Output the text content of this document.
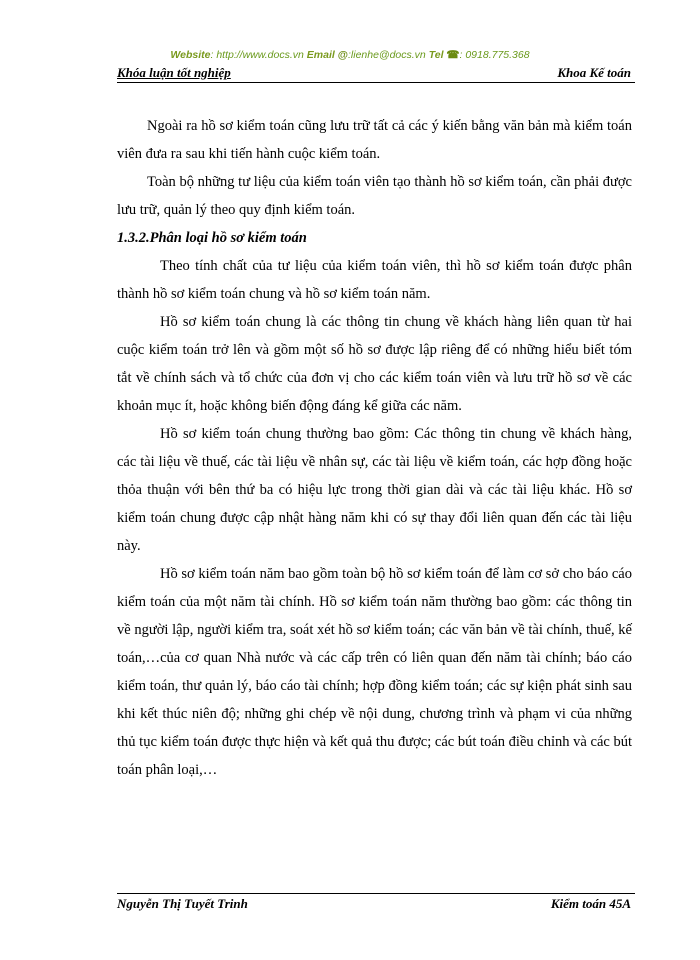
Website: http://www.docs.vn Email @:lienhe@docs.vn Tel ☎: 0918.775.368
Khóa luận tốt nghiệp	Khoa Kế toán

Ngoài ra hồ sơ kiểm toán cũng lưu trữ tất cả các ý kiến bằng văn bản mà kiểm toán viên đưa ra sau khi tiến hành cuộc kiểm toán.

Toàn bộ những tư liệu của kiểm toán viên tạo thành hồ sơ kiểm toán, cần phải được lưu trữ, quản lý theo quy định kiểm toán.

1.3.2.Phân loại hồ sơ kiểm toán

Theo tính chất của tư liệu của kiểm toán viên, thì hồ sơ kiểm toán được phân thành hồ sơ kiểm toán chung và hồ sơ kiểm toán năm.

Hồ sơ kiểm toán chung là các thông tin chung về khách hàng liên quan từ hai cuộc kiểm toán trở lên và gồm một số hồ sơ được lập riêng để có những hiểu biết tóm tắt về chính sách và tổ chức của đơn vị cho các kiểm toán viên và lưu trữ hồ sơ về các khoản mục ít, hoặc không biến động đáng kể giữa các năm.

Hồ sơ kiểm toán chung thường bao gồm: Các thông tin chung về khách hàng, các tài liệu về thuế, các tài liệu về nhân sự, các tài liệu về kiểm toán, các hợp đồng hoặc thỏa thuận với bên thứ ba có hiệu lực trong thời gian dài và các tài liệu khác. Hồ sơ kiểm toán chung được cập nhật hàng năm khi có sự thay đổi liên quan đến các tài liệu này.

Hồ sơ kiểm toán năm bao gồm toàn bộ hồ sơ kiểm toán để làm cơ sở cho báo cáo kiểm toán của một năm tài chính. Hồ sơ kiểm toán năm thường bao gồm: các thông tin về người lập, người kiểm tra, soát xét hồ sơ kiểm toán; các văn bản về tài chính, thuế, kế toán,…của cơ quan Nhà nước và các cấp trên có liên quan đến năm tài chính; báo cáo kiểm toán, thư quản lý, báo cáo tài chính; hợp đồng kiểm toán; các sự kiện phát sinh sau khi kết thúc niên độ; những ghi chép về nội dung, chương trình và phạm vi của những thủ tục kiểm toán được thực hiện và kết quả thu được; các bút toán điều chỉnh và các bút toán phân loại,…

Nguyễn Thị Tuyết Trinh	Kiểm toán 45A
